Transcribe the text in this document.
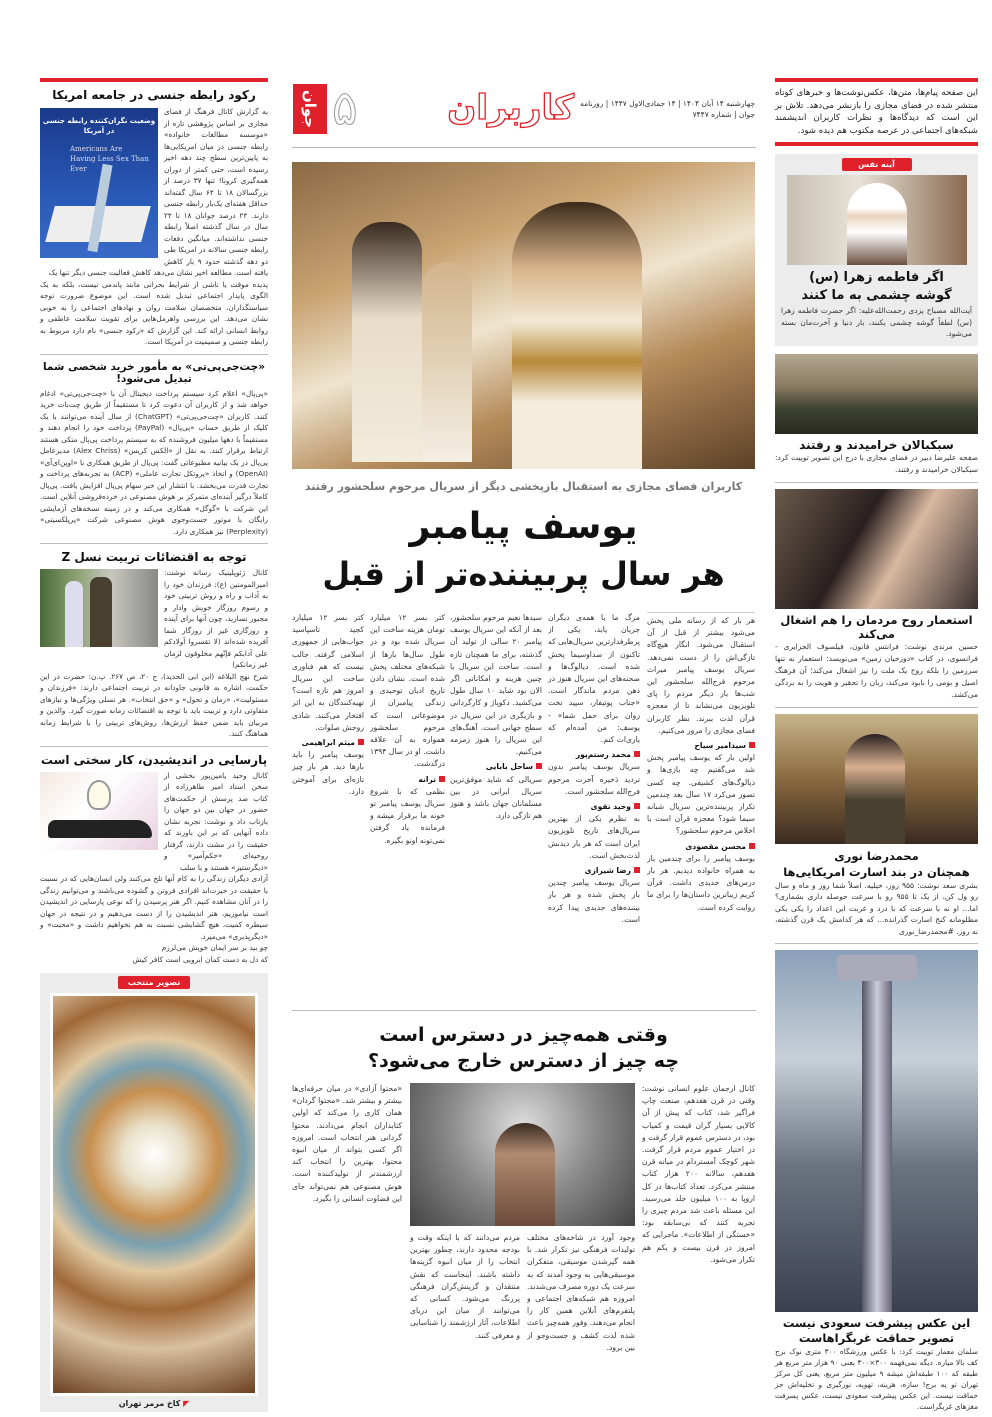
جوان ۵	کاربران چهارشنبه ۱۴ آبان ۱۴۰۴ | ۱۴ جمادی‌الاول ۱۴۴۷ | روزنامه جوان | شماره ۷۴۴۷
کاربران فضای مجازی به استقبال بازپخشی دیگر از سریال مرحوم سلحشور رفتند
یوسف پیامبر
هر سال پربیننده‌تر از قبل

هر بار که از رسانه ملی پخش می‌شود بیشتر از قبل از آن استقبال می‌شود. انگار هیچ‌گاه تازگی‌اش را از دست نمی‌دهد. سریال یوسف پیامبر میراث مرحوم فرج‌الله سلحشور این شب‌ها بار دیگر مردم را پای تلویزیون می‌نشاند تا از معجزه قرآن لذت ببرند. نظر کاربران فضای مجازی را مرور می‌کنیم.

سیدامیر سیاح
اولین بار که یوسف پیامبر پخش شد می‌گفتیم چه بازی‌ها و دیالوگ‌های کشیفی. چه کسی تصور می‌کرد ۱۷ سال بعد چندمین تکرار پربیننده‌ترین سریال شبانه سیما شود؟ معجزه قرآن است یا اخلاص مرحوم سلحشور؟

محسن مقصودی
یوسف پیامبر را برای چندمین بار به همراه خانواده دیدیم. هر بار درس‌های جدیدی داشت. قرآن کریم زیباترین داستان‌ها را برای ما روایت کرده است.

مرگ ما با همه‌ی دیگران جریان یابد، یکی از پرطرفدارترین سریال‌هایی که تاکنون از صداوسیما پخش شده است. دیالوگ‌ها و صحنه‌های این سریال هنوز در ذهن مردم ماندگار است. «جناب پوتیفار، سپید تخت روان برای حمل شما» - یوسف: من آمده‌ام که یاری‌ات کنم.

محمد رستم‌پور
سریال یوسف پیامبر بدون تردید ذخیره آخرت مرحوم فرج‌الله سلحشور است.

وحید تقوی
به نظرم یکی از بهترین سریال‌های تاریخ تلویزیون ایران است که هر بار دیدنش لذت‌بخش است.

رضا شیرازی
سریال یوسف پیامبر چندین بار پخش شده و هر بار بیننده‌های جدیدی پیدا کرده است.

سیدها نعیم مرحوم سلحشور، بعد از آنکه این سریال یوسف پیامبر ۲۰ سالی از تولید آن گذشته، برای ما همچنان تازه است. ساخت این سریال با چنین هزینه و امکاناتی اگر الان بود شاید ۱۰ سال طول می‌کشید. دکوپاژ و کارگردانی و بازیگری در این سریال در سطح جهانی است. آهنگ‌های این سریال را هنوز زمزمه می‌کنیم.

ساحل بابایی
سریالی که شاید موفق‌ترین سریال ایرانی در بین مسلمانان جهان باشد و هنوز هم تازگی دارد.

کتر بسر ۱۲ میلیارد تومان هزینه ساخت این سریال شده بود و در طول سال‌ها بارها از شبکه‌های مختلف پخش شده است. نشان دادن تاریخ ادیان توحیدی و زندگی پیامبران از موضوعاتی است که مرحوم سلحشور همواره به آن علاقه داشت. او در سال ۱۳۹۴ درگذشت.

ترانه
نظمی که با شروع سریال یوسف پیامبر تو خونه ما برقرار میشه و فرمانده یاد گرفتن نمی‌تونه اونو بگیره.

کتر بسر ۱۲ میلیارد کجید تاسپاسید جواب‌هایی از جمهوری اسلامی گرفته. جالب نیست که هم فناوری ساخت این سریال امروز هم تازه است؟ تهیه‌کنندگان به این اثر افتخار می‌کنند. شادی روحش صلوات.

میثم ابراهیمی
یوسف پیامبر را باید بارها دید. هر بار چیز تازه‌ای برای آموختن دارد.

وقتی همه‌چیز در دسترس است
چه چیز از دسترس خارج می‌شود؟

کانال ارجمان علوم انسانی نوشت: وقتی در قرن هفدهم، صنعت چاپ فراگیر شد، کتاب که پیش از آن کالایی بسیار گران قیمت و کمیاب بود، در دسترس عموم قرار گرفت و در اختیار عموم مردم قرار گرفت. شهر کوچک آمستردام در میانه قرن هفدهم، سالانه ۲۰۰ هزار کتاب منتشر می‌کرد. تعداد کتاب‌ها در کل اروپا به ۱۰۰ میلیون جلد می‌رسید. این مسئله باعث شد مردم چیزی را تجربه کنند که بی‌سابقه بود: «خستگی از اطلاعات». ماجرایی که امروز در قرن بیست و یکم هم تکرار می‌شود.

وجود آورد در شاخه‌های مختلف تولیدات فرهنگی نیز تکرار شد. با همه گیرشدن موسیقی، متفکران موسیقی‌هایی به وجود آمدند که به سرعت یک دوره مصرف می‌شدند. امروزه هم شبکه‌های اجتماعی و پلتفرم‌های آنلاین همین کار را انجام می‌دهند. وفور همه‌چیز باعث شده لذت کشف و جست‌وجو از بین برود.

مردم می‌دانند که با اینکه وقت و بودجه محدود دارند، چطور بهترین انتخاب را از میان انبوه گزینه‌ها داشته باشند. اینجاست که نقش منتقدان و گزینش‌گران فرهنگی پررنگ می‌شود. کسانی که می‌توانند از میان این دریای اطلاعات، آثار ارزشمند را شناسایی و معرفی کنند.

«محتوا آزادی» در میان حرفه‌ای‌ها بیشتر و بیشتر شد. «محتوا گردان» همان کاری را می‌کند که اولین کتابداران انجام می‌دادند. محتوا گردانی هنر انتخاب است. امروزه اگر کسی بتواند از میان انبوه محتوا، بهترین را انتخاب کند ارزشمندتر از تولیدکننده است. هوش مصنوعی هم نمی‌تواند جای این قضاوت انسانی را بگیرد.

این صفحه پیام‌ها، متن‌ها، عکس‌نوشت‌ها و خبرهای کوتاه منتشر شده در فضای مجازی را بازنشر می‌دهد. تلاش بر این است که دیدگاه‌ها و نظرات کاربران اندیشمند شبکه‌های اجتماعی در عرصه مکتوب هم دیده شود.
آینه نفس
اگر فاطمه زهرا (س)
گوشه چشمی به ما کنند
آیت‌الله مصباح یزدی رحمت‌الله‌علیه: اگر حضرت فاطمه زهرا (س) لطفاً گوشه چشمی بکنند، بار دنیا و آخرت‌مان بسته می‌شود.
سبکبالان خرامیدند و رفتند
صفحه علیرضا دبیر در فضای مجازی با درج این تصویر توییت کرد: سبکبالان خرامیدند و رفتند.
استعمار روح مردمان را هم اشغال می‌کند
حسین مرندی نوشت: فرانتس فانون، فیلسوف الجزایری - فرانسوی، در کتاب «دوزخیان زمین» می‌نویسد: استعمار نه تنها سرزمین را بلکه روح یک ملت را نیز اشغال می‌کند؛ آن فرهنگ اصیل و بومی را نابود می‌کند، زبان را تحقیر و هویت را به بردگی می‌کشد.
محمدرضا نوری
همچنان در بند اسارت امریکایی‌ها
بشری سعد نوشت: ۹۵۵ روز، خیلیه. اصلاً شما روز و ماه و سال رو ول کن، از یک تا ۹۵۵ رو با سرعت حوصله داری بشماری؟ اما... او نه با سرعت که با درد و غربت این اعداد را یکی یکی مظلومانه کنج اسارت گذرانده... که هر کدامش یک قرن گذشته، نه روز. #محمدرضا_نوری
این عکس پیشرفت سعودی نیست
تصویر حماقت غربگراهاست
سلمان معمار توییت کرد: با عکس ورزشگاه ۳۰۰ متری نوک برج کف بالا میاره. دیگه نمی‌فهمه ۳۰۰×۳۰۰ یعنی ۹۰ هزار متر مربع هر طبقه که ۱۰۰ طبقه‌اش میشه ۹ میلیون متر مربع، یعنی کل مرکز تهران تو یه برج! سازه، هزینه، تهویه، نورگیری و تخلیه‌اش جز حماقت نیست. این عکس پیشرفت سعودی نیست، عکس پسرفت مغزهای غربگراست.
رکود رابطه جنسی در جامعه امریکا
وضعیت نگران‌کننده رابطه جنسی در آمریکا
Americans Are Having Less Sex Than Ever
به گزارش کانال فرهنگ از فضای مجازی بر اساس پژوهشی تازه از «موسسه مطالعات خانواده» رابطه جنسی در میان امریکایی‌ها به پایین‌ترین سطح چند دهه اخیر رسیده است، حتی کمتر از دوران همه‌گیری کرونا! تنها ۳۷ درصد از بزرگسالان ۱۸ تا ۶۴ سال گفته‌اند حداقل هفته‌ای یک‌بار رابطه جنسی دارند. ۲۴ درصد جوانان ۱۸ تا ۲۴ سال در سال گذشته اصلاً رابطه جنسی نداشته‌اند. میانگین دفعات رابطه جنسی سالانه در امریکا طی دو دهه گذشته حدود ۹ بار کاهش یافته است. مطالعه اخیر نشان می‌دهد کاهش فعالیت جنسی دیگر تنها یک
پدیده موقت یا ناشی از شرایط بحرانی مانند پاندمی نیست، بلکه به یک الگوی پایدار اجتماعی تبدیل شده است. این موضوع ضرورت توجه سیاستگذاران، متخصصان سلامت روان و نهادهای اجتماعی را به خوبی نشان می‌دهد. این بررسی واهرمل‌هایی برای تقویت سلامت عاطفی و روابط انسانی ارائه کند. این گزارش که «رکود جنسی» نام دارد مربوط به رابطه جنسی و صمیمیت در آمریکا است.
«چت‌جی‌پی‌تی» به مأمور خرید شخصی شما تبدیل می‌شود!
«پی‌پال» اعلام کرد سیستم پرداخت دیجیتال آن با «چت‌جی‌پی‌تی» ادغام خواهد شد و از کاربران آن دعوت کرد تا مستقیماً از طریق چت‌بات خرید کنند. کاربران «چت‌جی‌پی‌تی» (ChatGPT) از سال آینده می‌توانند با یک کلیک از طریق حساب «پی‌پال» (PayPal) پرداخت خود را انجام دهند و مستقیماً با دهها میلیون فروشنده که به سیستم پرداخت پی‌پال متکی هستند ارتباط برقرار کنند. به نقل از «الکس کریس» (Alex Chriss) مدیرعامل پی‌پال در یک بیانیه مطبوعاتی گفت: پی‌پال از طریق همکاری با «اوپن‌ای‌آی» (OpenAI) و اتخاذ «پروتکل تجارت عاملی» (ACP) به تجربه‌های پرداخت و تجارت قدرت می‌بخشد. با انتشار این خبر سهام پی‌پال افزایش یافت. پی‌پال کاملاً درگیر آینده‌ای متمرکز بر هوش مصنوعی در خرده‌فروشی آنلاین است. این شرکت با «گوگل» همکاری می‌کند و در زمینه نسخه‌های آزمایشی رایگان با موتور جست‌وجوی هوش مصنوعی شرکت «پرپلکسیتی» (Perplexity) نیز همکاری دارد.
توجه به اقتضائات تربیت نسل Z
کانال ژئوپلیتیک رسانه نوشت: امیرالمومنین (ع): فرزندان خود را به آداب و راه و روش تربیتی خود و رسوم روزگار خویش وادار و مجبور نسازید، چون آنها برای آینده و روزگاری غیر از روزگار شما آفریده شده‌اند (لا تقسروا أولادکم علی آدابکم فإنّهم مخلوقون لزمان غیر زمانکم)
شرح نهج البلاغه (ابن ابی الحدید)، ج ۲۰، ص ۲۶۷. پ.ن: حضرت در این حکمت، اشاره به قانونی جاودانه در تربیت اجتماعی دارند: «فرزندان و مسئولیت»، «زمان و تحول» و «حق انتخاب». هر نسلی ویژگی‌ها و نیازهای متفاوتی دارد و تربیت باید با توجه به اقتضائات زمانه صورت گیرد. والدین و مربیان باید ضمن حفظ ارزش‌ها، روش‌های تربیتی را با شرایط زمانه هماهنگ کنند.
پارسایی در اندیشیدن، کار سختی است
کانال وحید یامین‌پور بخشی از سخن استاد امیر طاهرزاده از کتاب صد پرسش از حکمت‌های حضور در جهان بین دو جهان را بازتاب داد و نوشت: تجربه نشان داده آنهایی که بر این باورند که حقیقت را در مشت دارند، گرفتار روحیه‌ای «حکم‌آمیز» و «دیگرستیز» هستند و با سلب
آزادی دیگران زندگی را به کام آنها تلخ می‌کنند ولی انسان‌هایی که در نسبت با حقیقت در حیرت‌اند افرادی فروتن و گشوده می‌باشند و می‌توانیم زندگی را در آنان مشاهده کنیم. اگر هنر پرسیدن را که نوعی پارسایی در اندیشیدن است نیاموزیم، هنر اندیشیدن را از دست می‌دهیم و در نتیجه در جهان سیطره کمیت، هیچ گشایشی نسبت به هم نخواهیم داشت و «محبت» و «دیگرپذیری» می‌میرد.
چو بید بر سر ایمان خویش می‌لرزم
که دل به دست کمان ابرویی است کافر کیش
تصویر منتخب
◤ کاخ مرمر تهران
